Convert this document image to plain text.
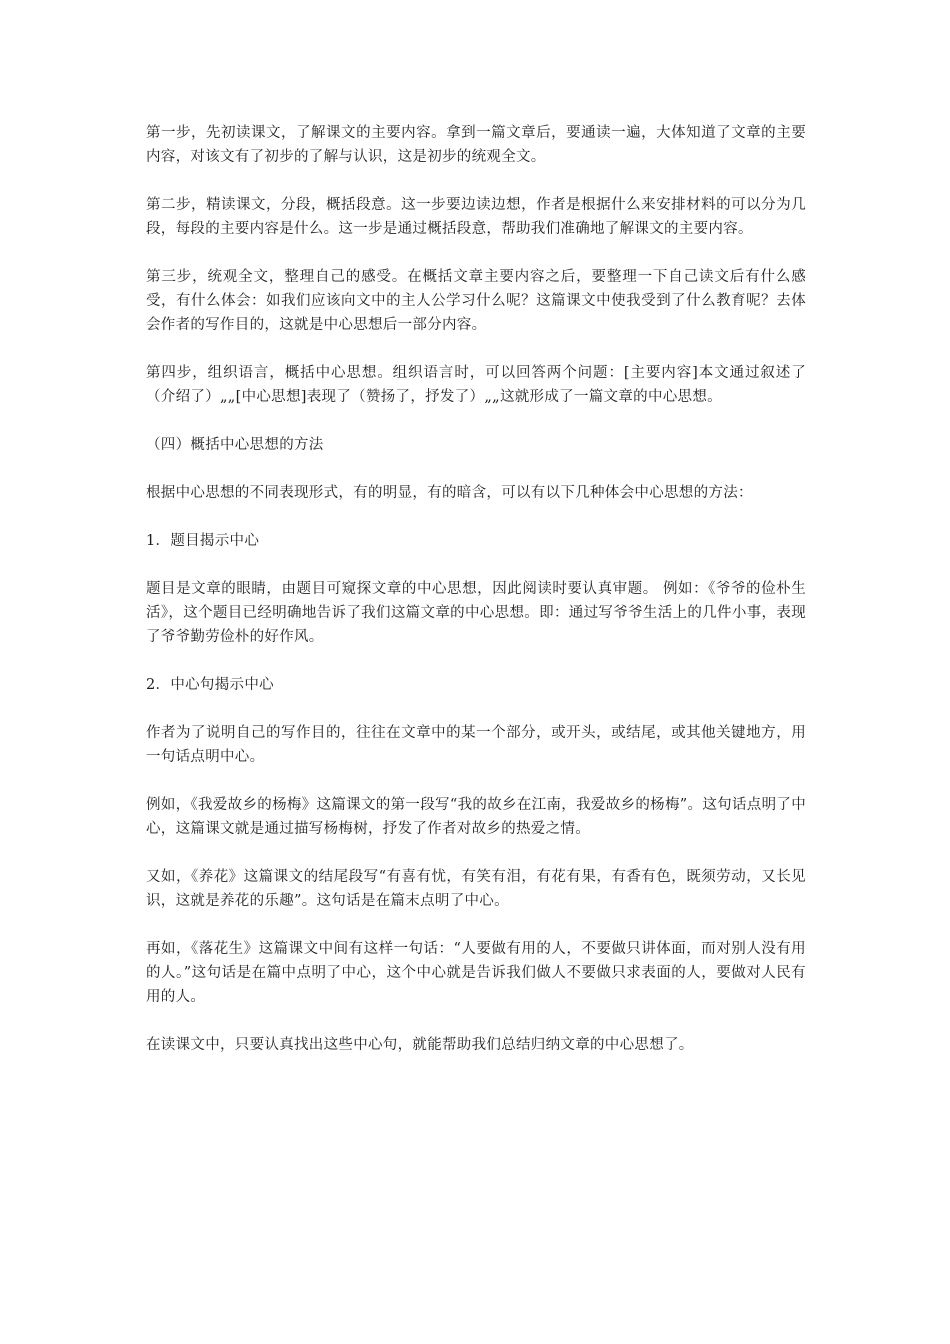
第一步，先初读课文，了解课文的主要内容。拿到一篇文章后，要通读一遍，大体知道了文章的主要内容，对该文有了初步的了解与认识，这是初步的统观全文。

第二步，精读课文，分段，概括段意。这一步要边读边想，作者是根据什么来安排材料的可以分为几段，每段的主要内容是什么。这一步是通过概括段意，帮助我们准确地了解课文的主要内容。

第三步，统观全文，整理自己的感受。在概括文章主要内容之后，要整理一下自己读文后有什么感受，有什么体会：如我们应该向文中的主人公学习什么呢？这篇课文中使我受到了什么教育呢？去体会作者的写作目的，这就是中心思想后一部分内容。

第四步，组织语言，概括中心思想。组织语言时，可以回答两个问题：[主要内容]本文通过叙述了（介绍了）„„[中心思想]表现了（赞扬了，抒发了）„„这就形成了一篇文章的中心思想。

（四）概括中心思想的方法

根据中心思想的不同表现形式，有的明显，有的暗含，可以有以下几种体会中心思想的方法：

1．题目揭示中心

题目是文章的眼睛，由题目可窥探文章的中心思想，因此阅读时要认真审题。 例如：《爷爷的俭朴生活》，这个题目已经明确地告诉了我们这篇文章的中心思想。即：通过写爷爷生活上的几件小事，表现了爷爷勤劳俭朴的好作风。

2．中心句揭示中心

作者为了说明自己的写作目的，往往在文章中的某一个部分，或开头，或结尾，或其他关键地方，用一句话点明中心。

例如，《我爱故乡的杨梅》这篇课文的第一段写“我的故乡在江南，我爱故乡的杨梅”。这句话点明了中心，这篇课文就是通过描写杨梅树，抒发了作者对故乡的热爱之情。

又如，《养花》这篇课文的结尾段写“有喜有忧，有笑有泪，有花有果，有香有色，既须劳动，又长见识，这就是养花的乐趣”。这句话是在篇末点明了中心。

再如，《落花生》这篇课文中间有这样一句话：“人要做有用的人，不要做只讲体面，而对别人没有用的人。”这句话是在篇中点明了中心，这个中心就是告诉我们做人不要做只求表面的人，要做对人民有用的人。

在读课文中，只要认真找出这些中心句，就能帮助我们总结归纳文章的中心思想了。
